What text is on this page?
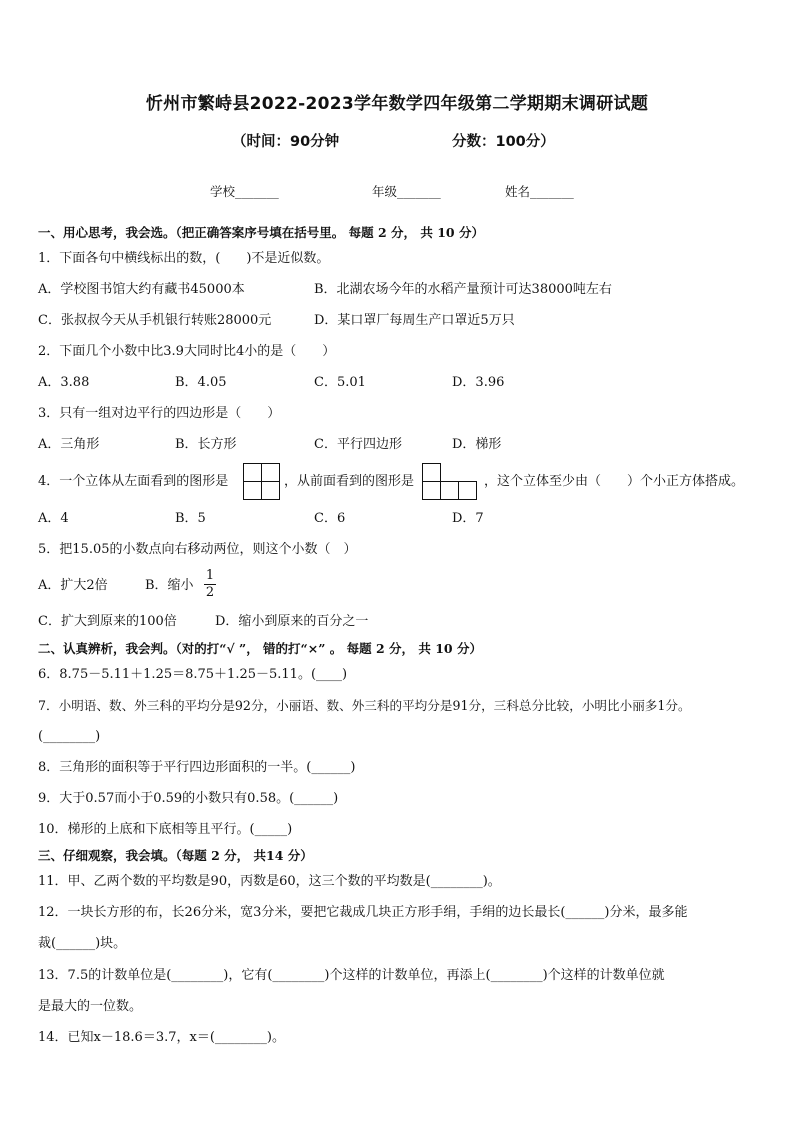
忻州市繁峙县2022-2023学年数学四年级第二学期期末调研试题
（时间：90分钟	分数：100分）
学校_______	年级_______	姓名_______
一、用心思考，我会选。（把正确答案序号填在括号里。 每题 2 分， 共 10 分）
1．下面各句中横线标出的数，(　　)不是近似数。
A．学校图书馆大约有藏书45000本	B．北湖农场今年的水稻产量预计可达38000吨左右
C．张叔叔今天从手机银行转账28000元	D．某口罩厂每周生产口罩近5万只
2．下面几个小数中比3.9大同时比4小的是（　　）
A．3.88	B．4.05	C．5.01	D．3.96
3．只有一组对边平行的四边形是（　　）
A．三角形	B．长方形	C．平行四边形	D．梯形
4．一个立体从左面看到的图形是	，从前面看到的图形是	，这个立体至少由（　　）个小正方体搭成。
A．4	B．5	C．6	D．7
5．把15.05的小数点向右移动两位，则这个小数（　）
A．扩大2倍	B．缩小
1
2
C．扩大到原来的100倍	D．缩小到原来的百分之一
二、认真辨析，我会判。（对的打“√ ”， 错的打“×” 。 每题 2 分， 共 10 分）
6．8.75－5.11＋1.25＝8.75＋1.25－5.11。(____)
7．小明语、数、外三科的平均分是92分，小丽语、数、外三科的平均分是91分，三科总分比较，小明比小丽多1分。
(________)
8．三角形的面积等于平行四边形面积的一半。(______)
9．大于0.57而小于0.59的小数只有0.58。(______)
10．梯形的上底和下底相等且平行。(_____)
三、仔细观察，我会填。（每题 2 分， 共14 分）
11．甲、乙两个数的平均数是90，丙数是60，这三个数的平均数是(________)。
12．一块长方形的布，长26分米，宽3分米，要把它裁成几块正方形手绢，手绢的边长最长(______)分米，最多能
裁(______)块。
13．7.5的计数单位是(________)，它有(________)个这样的计数单位，再添上(________)个这样的计数单位就
是最大的一位数。
14．已知x－18.6＝3.7，x＝(________)。
